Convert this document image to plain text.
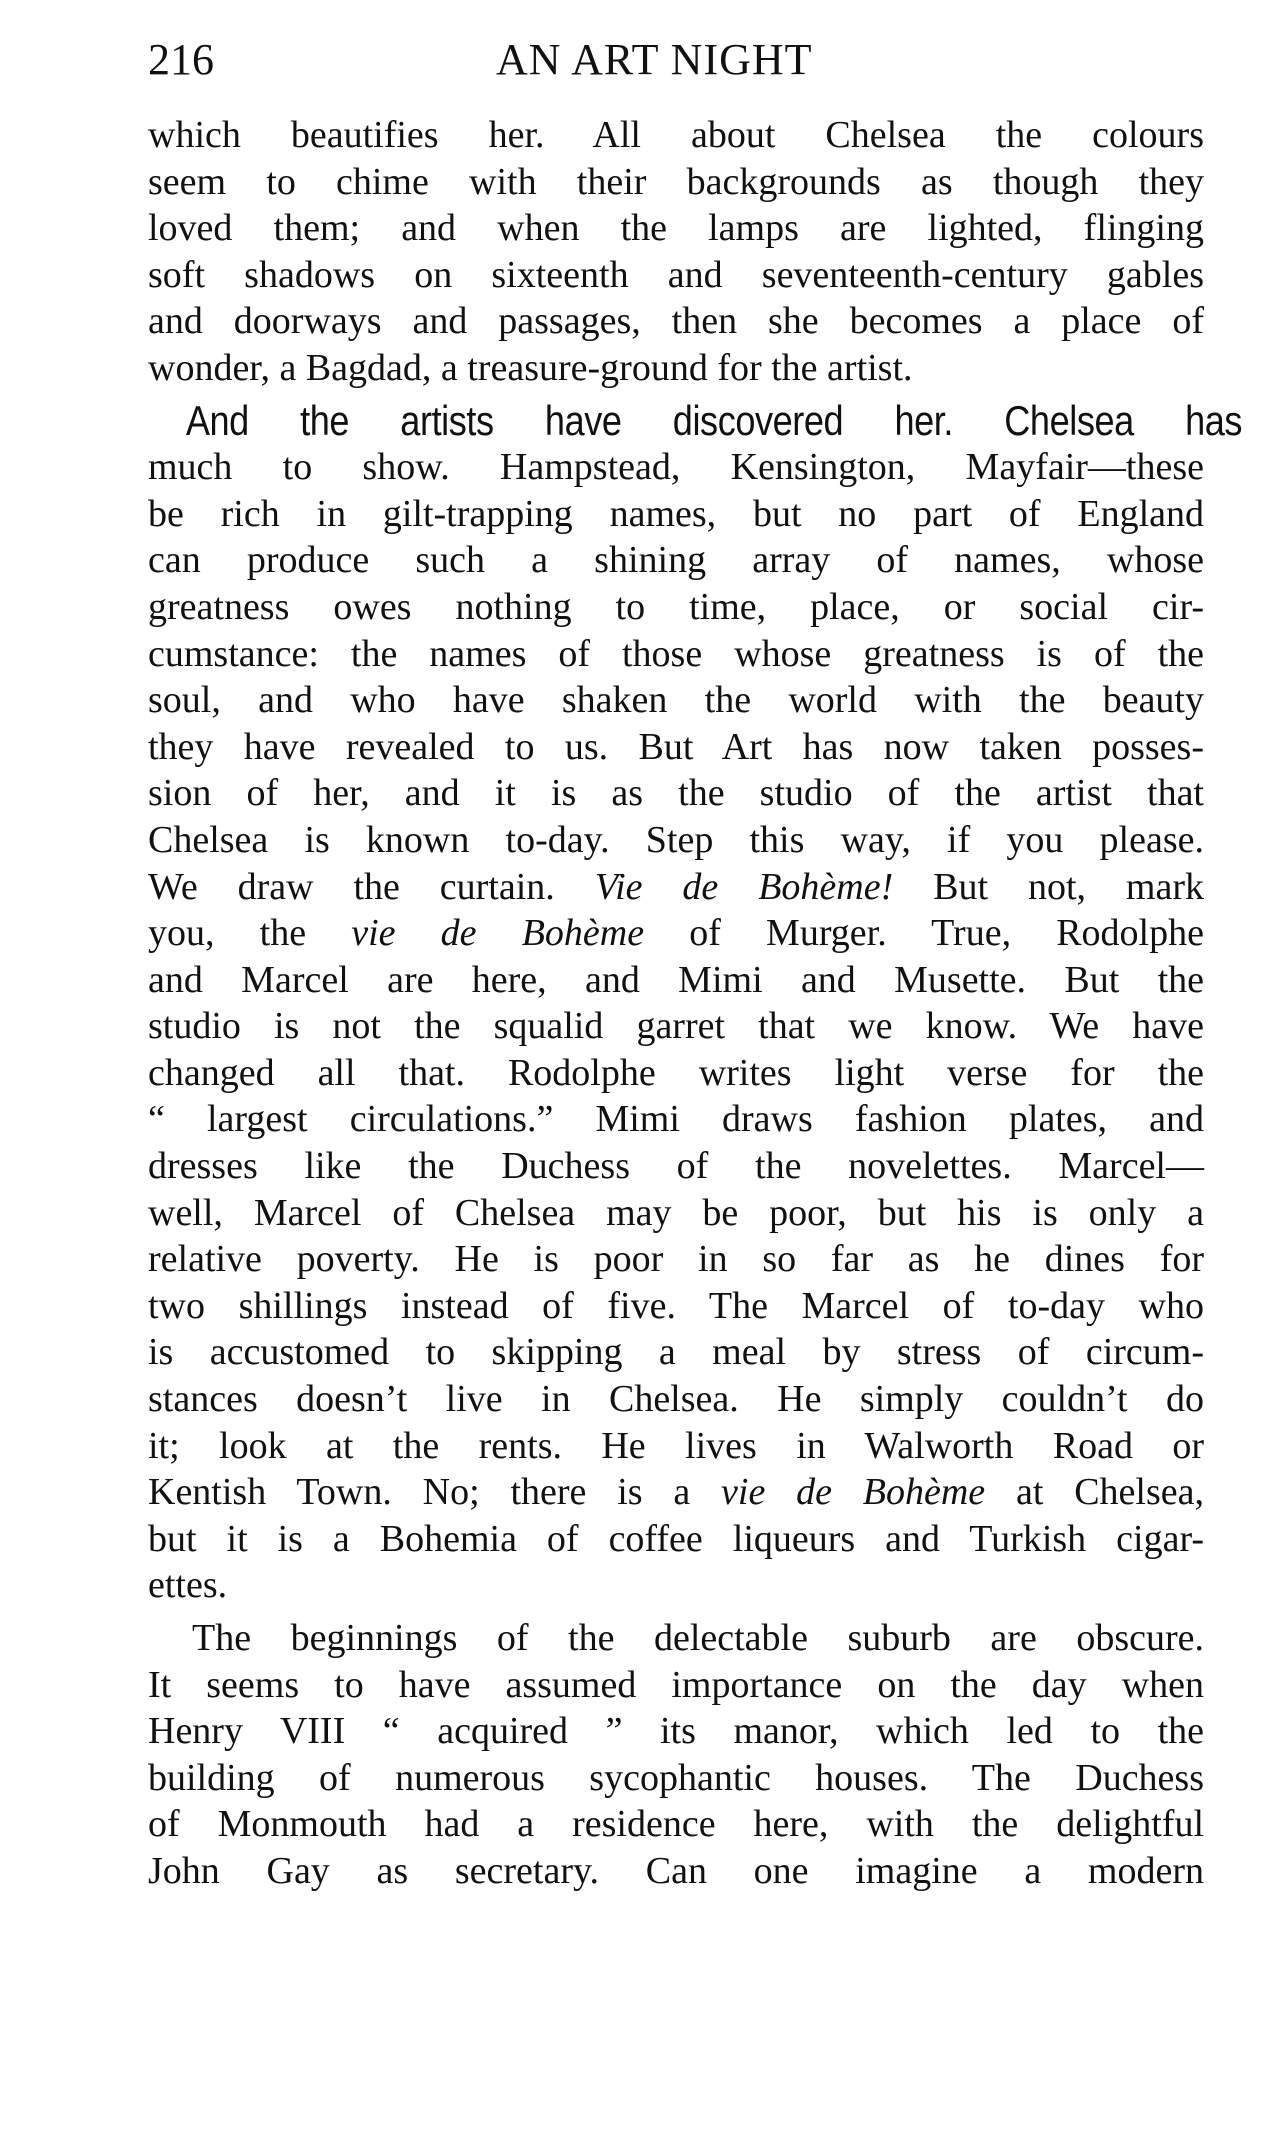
216	AN ART NIGHT
which beautifies her. All about Chelsea the colours
seem to chime with their backgrounds as though they
loved them; and when the lamps are lighted, flinging
soft shadows on sixteenth and seventeenth-century gables
and doorways and passages, then she becomes a place of
wonder, a Bagdad, a treasure-ground for the artist.
And the artists have discovered her. Chelsea has
much to show. Hampstead, Kensington, Mayfair—these
be rich in gilt-trapping names, but no part of England
can produce such a shining array of names, whose
greatness owes nothing to time, place, or social cir-
cumstance: the names of those whose greatness is of the
soul, and who have shaken the world with the beauty
they have revealed to us. But Art has now taken posses-
sion of her, and it is as the studio of the artist that
Chelsea is known to-day. Step this way, if you please.
We draw the curtain. Vie de Bohème! But not, mark
you, the vie de Bohème of Murger. True, Rodolphe
and Marcel are here, and Mimi and Musette. But the
studio is not the squalid garret that we know. We have
changed all that. Rodolphe writes light verse for the
“ largest circulations.” Mimi draws fashion plates, and
dresses like the Duchess of the novelettes. Marcel—
well, Marcel of Chelsea may be poor, but his is only a
relative poverty. He is poor in so far as he dines for
two shillings instead of five. The Marcel of to-day who
is accustomed to skipping a meal by stress of circum-
stances doesn’t live in Chelsea. He simply couldn’t do
it; look at the rents. He lives in Walworth Road or
Kentish Town. No; there is a vie de Bohème at Chelsea,
but it is a Bohemia of coffee liqueurs and Turkish cigar-
ettes.
The beginnings of the delectable suburb are obscure.
It seems to have assumed importance on the day when
Henry VIII “ acquired ” its manor, which led to the
building of numerous sycophantic houses. The Duchess
of Monmouth had a residence here, with the delightful
John Gay as secretary. Can one imagine a modern
